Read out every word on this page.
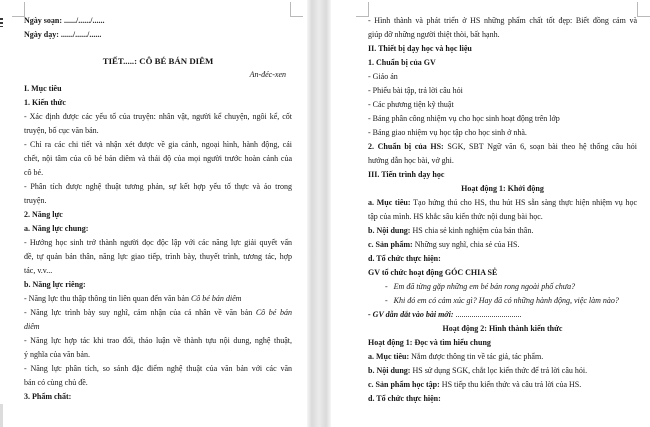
Ngày soạn: ....../....../......
Ngày dạy: ....../....../......
TIẾT.....: CÔ BÉ BÁN DIÊM
An-đéc-xen
I. Mục tiêu
1. Kiến thức
- Xác định được các yếu tố của truyện: nhân vật, người kể chuyện, ngôi kể, cốt
truyện, bố cục văn bản.
- Chỉ ra các chi tiết và nhận xét được về gia cảnh, ngoại hình, hành động, cái
chết, nội tâm của cô bé bán diêm và thái độ của mọi người trước hoàn cảnh của
cô bé.
- Phân tích được nghệ thuật tương phản, sự kết hợp yếu tố thực và ảo trong
truyện.
2. Năng lực
a. Năng lực chung:
- Hướng học sinh trở thành người đọc độc lập với các năng lực giải quyết vấn
đề, tự quản bản thân, năng lực giao tiếp, trình bày, thuyết trình, tương tác, hợp
tác, v.v...
b. Năng lực riêng:
- Năng lực thu thập thông tin liên quan đến văn bản Cô bé bán diêm
- Năng lực trình bày suy nghĩ, cảm nhận của cá nhân về văn bản Cô bé bán
diêm
- Năng lực hợp tác khi trao đổi, thảo luận về thành tựu nội dung, nghệ thuật,
ý nghĩa của văn bản.
- Năng lực phân tích, so sánh đặc điểm nghệ thuật của văn bản với các văn
bản có cùng chủ đề.
3. Phẩm chất:
- Hình thành và phát triển ở HS những phẩm chất tốt đẹp: Biết đồng cảm và
giúp đỡ những người thiệt thòi, bất hạnh.
II. Thiết bị dạy học và học liệu
1. Chuẩn bị của GV
- Giáo án
- Phiếu bài tập, trả lời câu hỏi
- Các phương tiện kỹ thuật
- Bảng phân công nhiệm vụ cho học sinh hoạt động trên lớp
- Bảng giao nhiệm vụ học tập cho học sinh ở nhà.
2. Chuẩn bị của HS: SGK, SBT Ngữ văn 6, soạn bài theo hệ thống câu hỏi
hướng dẫn học bài, vở ghi.
III. Tiến trình dạy học
Hoạt động 1: Khởi động
a. Mục tiêu: Tạo hứng thú cho HS, thu hút HS sẵn sàng thực hiện nhiệm vụ học
tập của mình. HS khắc sâu kiến thức nội dung bài học.
b. Nội dung: HS chia sẻ kinh nghiệm của bản thân.
c. Sản phẩm: Những suy nghĩ, chia sẻ của HS.
d. Tổ chức thực hiện:
GV tổ chức hoạt động GÓC CHIA SẺ
-   Em đã từng gặp những em bé bán rong ngoài phố chưa?
-   Khi đó em có cảm xúc gì? Hay đã có những hành động, việc làm nào?
- GV dẫn dắt vào bài mới: .................................
Hoạt động 2: Hình thành kiến thức
Hoạt động 1: Đọc và tìm hiểu chung
a. Mục tiêu: Nắm được thông tin về tác giả, tác phẩm.
b. Nội dung: HS sử dụng SGK, chắt lọc kiến thức để trả lời câu hỏi.
c. Sản phẩm học tập: HS tiếp thu kiến thức và câu trả lời của HS.
d. Tổ chức thực hiện:
